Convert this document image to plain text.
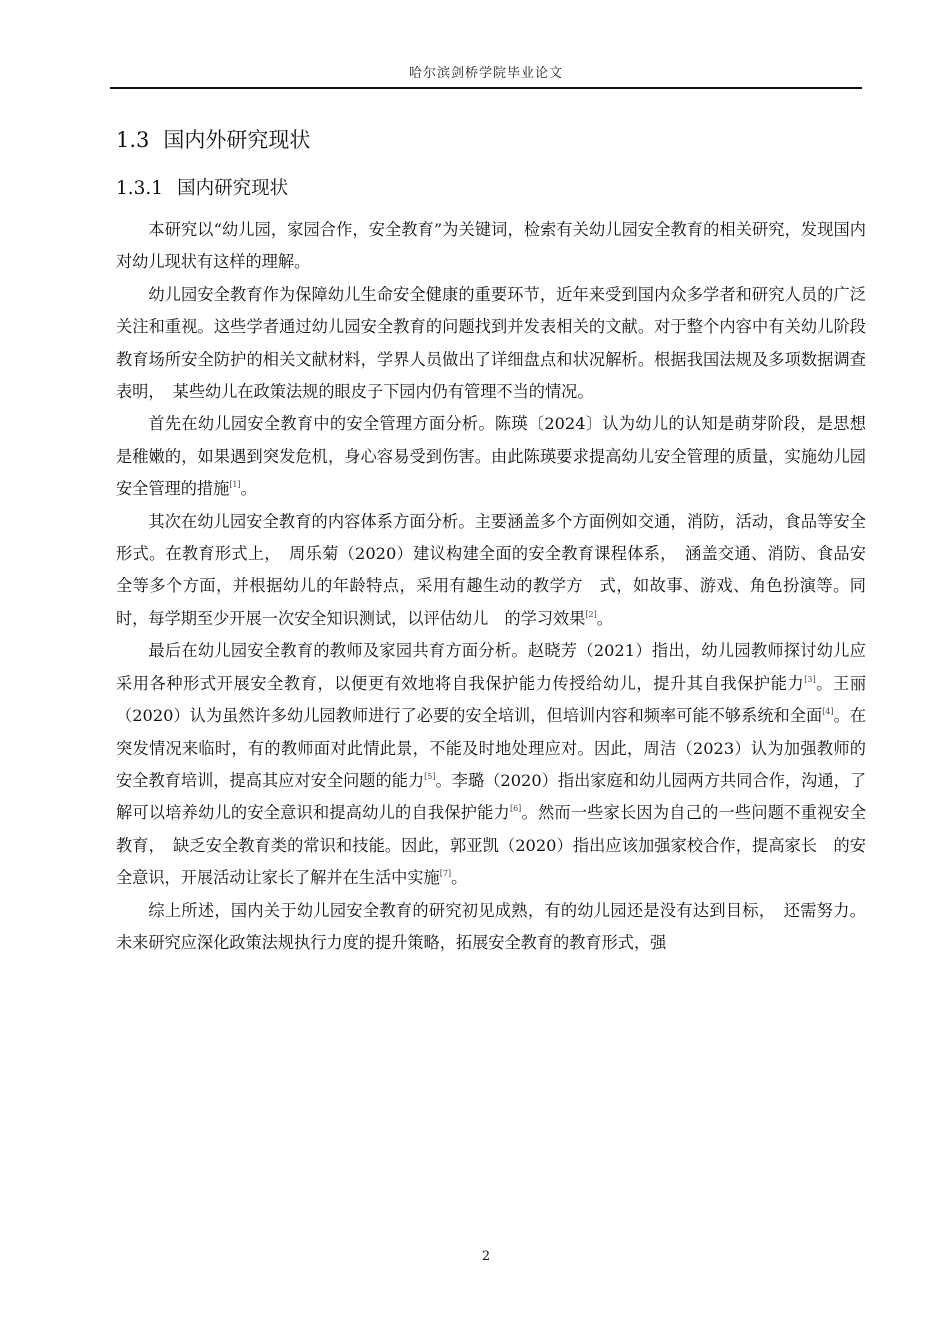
哈尔滨剑桥学院毕业论文
1.3 国内外研究现状
1.3.1 国内研究现状

本研究以“幼儿园，家园合作，安全教育”为关键词，检索有关幼儿园安全教育的相关研究，发现国内对幼儿现状有这样的理解。

幼儿园安全教育作为保障幼儿生命安全健康的重要环节，近年来受到国内众多学者和研究人员的广泛关注和重视。这些学者通过幼儿园安全教育的问题找到并发表相关的文献。对于整个内容中有关幼儿阶段教育场所安全防护的相关文献材料，学界人员做出了详细盘点和状况解析。根据我国法规及多项数据调查表明，　某些幼儿在政策法规的眼皮子下园内仍有管理不当的情况。

首先在幼儿园安全教育中的安全管理方面分析。陈瑛〔2024〕认为幼儿的认知是萌芽阶段，是思想是稚嫩的，如果遇到突发危机，身心容易受到伤害。由此陈瑛要求提高幼儿安全管理的质量，实施幼儿园安全管理的措施[1]。

其次在幼儿园安全教育的内容体系方面分析。主要涵盖多个方面例如交通，消防，活动，食品等安全形式。在教育形式上，　周乐菊（2020）建议构建全面的安全教育课程体系，　涵盖交通、消防、食品安全等多个方面，并根据幼儿的年龄特点，采用有趣生动的教学方　式，如故事、游戏、角色扮演等。同时，每学期至少开展一次安全知识测试，以评估幼儿　的学习效果[2]。

最后在幼儿园安全教育的教师及家园共育方面分析。赵晓芳（2021）指出，幼儿园教师探讨幼儿应采用各种形式开展安全教育，以便更有效地将自我保护能力传授给幼儿，提升其自我保护能力[3]。王丽（2020）认为虽然许多幼儿园教师进行了必要的安全培训，但培训内容和频率可能不够系统和全面[4]。在突发情况来临时，有的教师面对此情此景，不能及时地处理应对。因此，周洁（2023）认为加强教师的安全教育培训，提高其应对安全问题的能力[5]。李璐（2020）指出家庭和幼儿园两方共同合作，沟通，了解可以培养幼儿的安全意识和提高幼儿的自我保护能力[6]。然而一些家长因为自己的一些问题不重视安全教育，　缺乏安全教育类的常识和技能。因此，郭亚凯（2020）指出应该加强家校合作，提高家长　的安全意识，开展活动让家长了解并在生活中实施[7]。

综上所述，国内关于幼儿园安全教育的研究初见成熟，有的幼儿园还是没有达到目标，　还需努力。未来研究应深化政策法规执行力度的提升策略，拓展安全教育的教育形式，强

2
